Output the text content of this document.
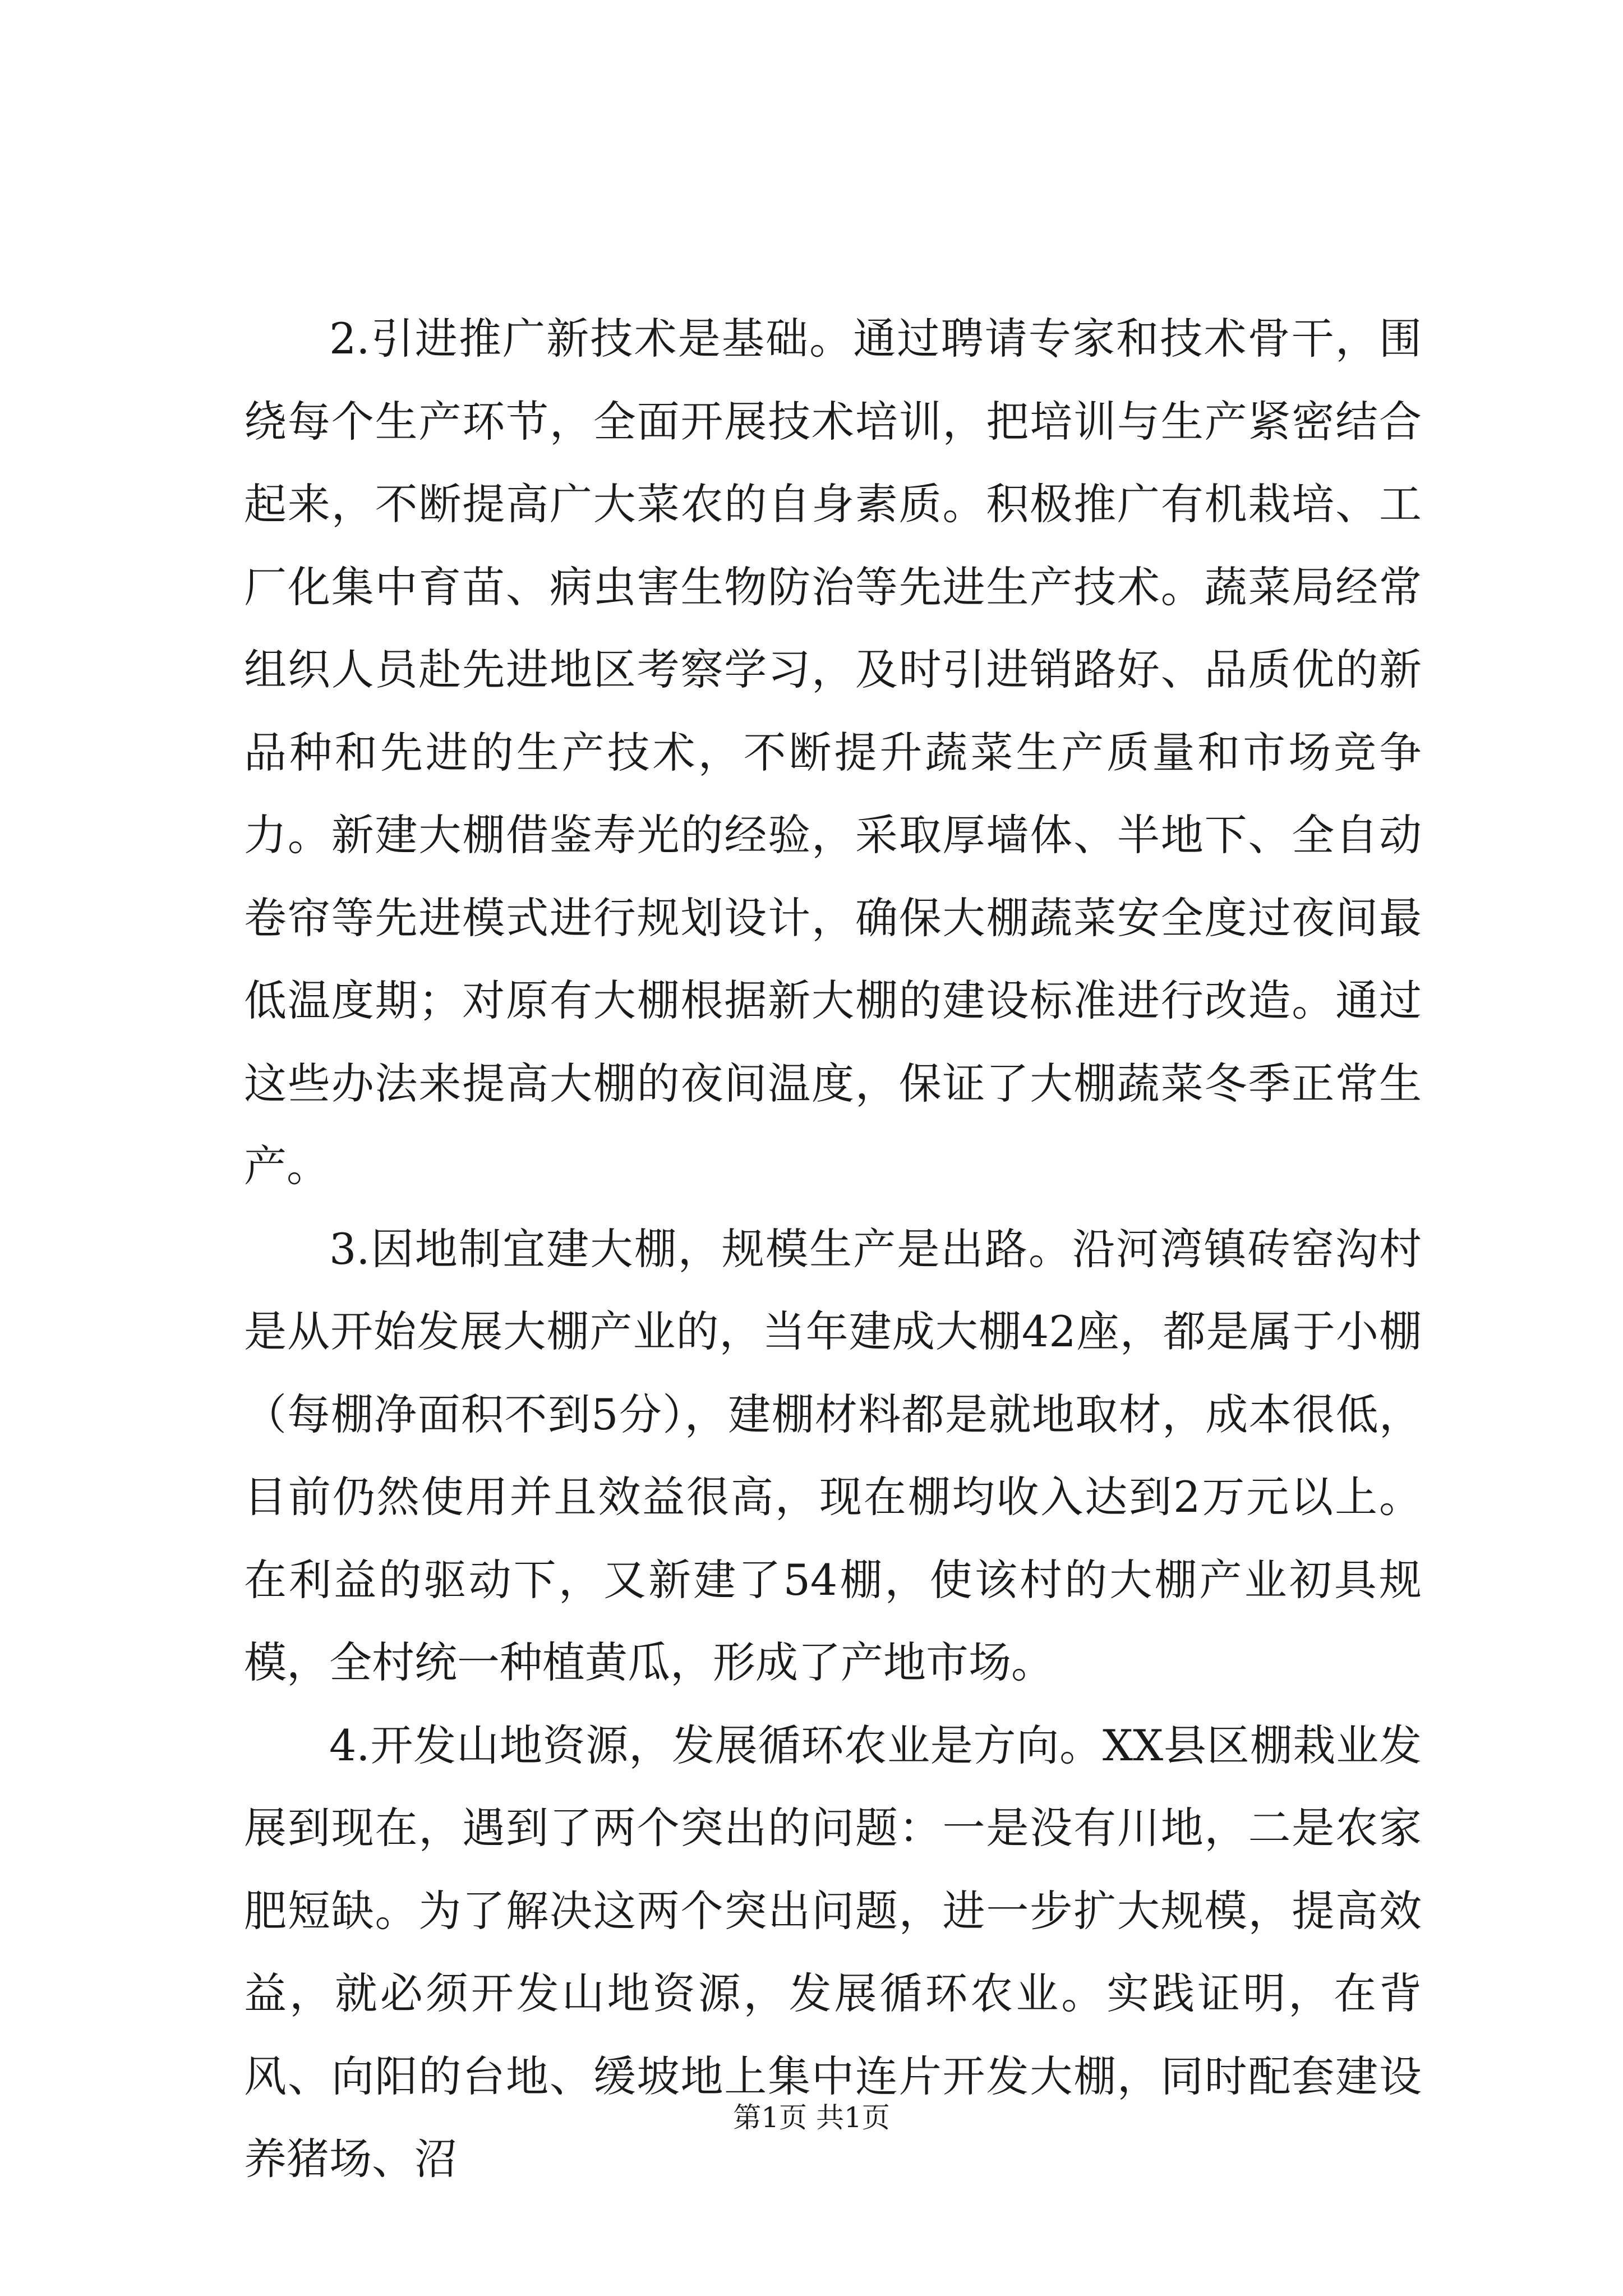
2.引进推广新技术是基础。通过聘请专家和技术骨干，围绕每个生产环节，全面开展技术培训，把培训与生产紧密结合起来，不断提高广大菜农的自身素质。积极推广有机栽培、工厂化集中育苗、病虫害生物防治等先进生产技术。蔬菜局经常组织人员赴先进地区考察学习，及时引进销路好、品质优的新品种和先进的生产技术，不断提升蔬菜生产质量和市场竞争力。新建大棚借鉴寿光的经验，采取厚墙体、半地下、全自动卷帘等先进模式进行规划设计，确保大棚蔬菜安全度过夜间最低温度期；对原有大棚根据新大棚的建设标准进行改造。通过这些办法来提高大棚的夜间温度，保证了大棚蔬菜冬季正常生产。

3.因地制宜建大棚，规模生产是出路。沿河湾镇砖窑沟村是从开始发展大棚产业的，当年建成大棚42座，都是属于小棚（每棚净面积不到5分），建棚材料都是就地取材，成本很低，目前仍然使用并且效益很高，现在棚均收入达到2万元以上。在利益的驱动下，又新建了54棚，使该村的大棚产业初具规模，全村统一种植黄瓜，形成了产地市场。

4.开发山地资源，发展循环农业是方向。XX县区棚栽业发展到现在，遇到了两个突出的问题：一是没有川地，二是农家肥短缺。为了解决这两个突出问题，进一步扩大规模，提高效益，就必须开发山地资源，发展循环农业。实践证明，在背风、向阳的台地、缓坡地上集中连片开发大棚，同时配套建设养猪场、沼

第1页 共1页
